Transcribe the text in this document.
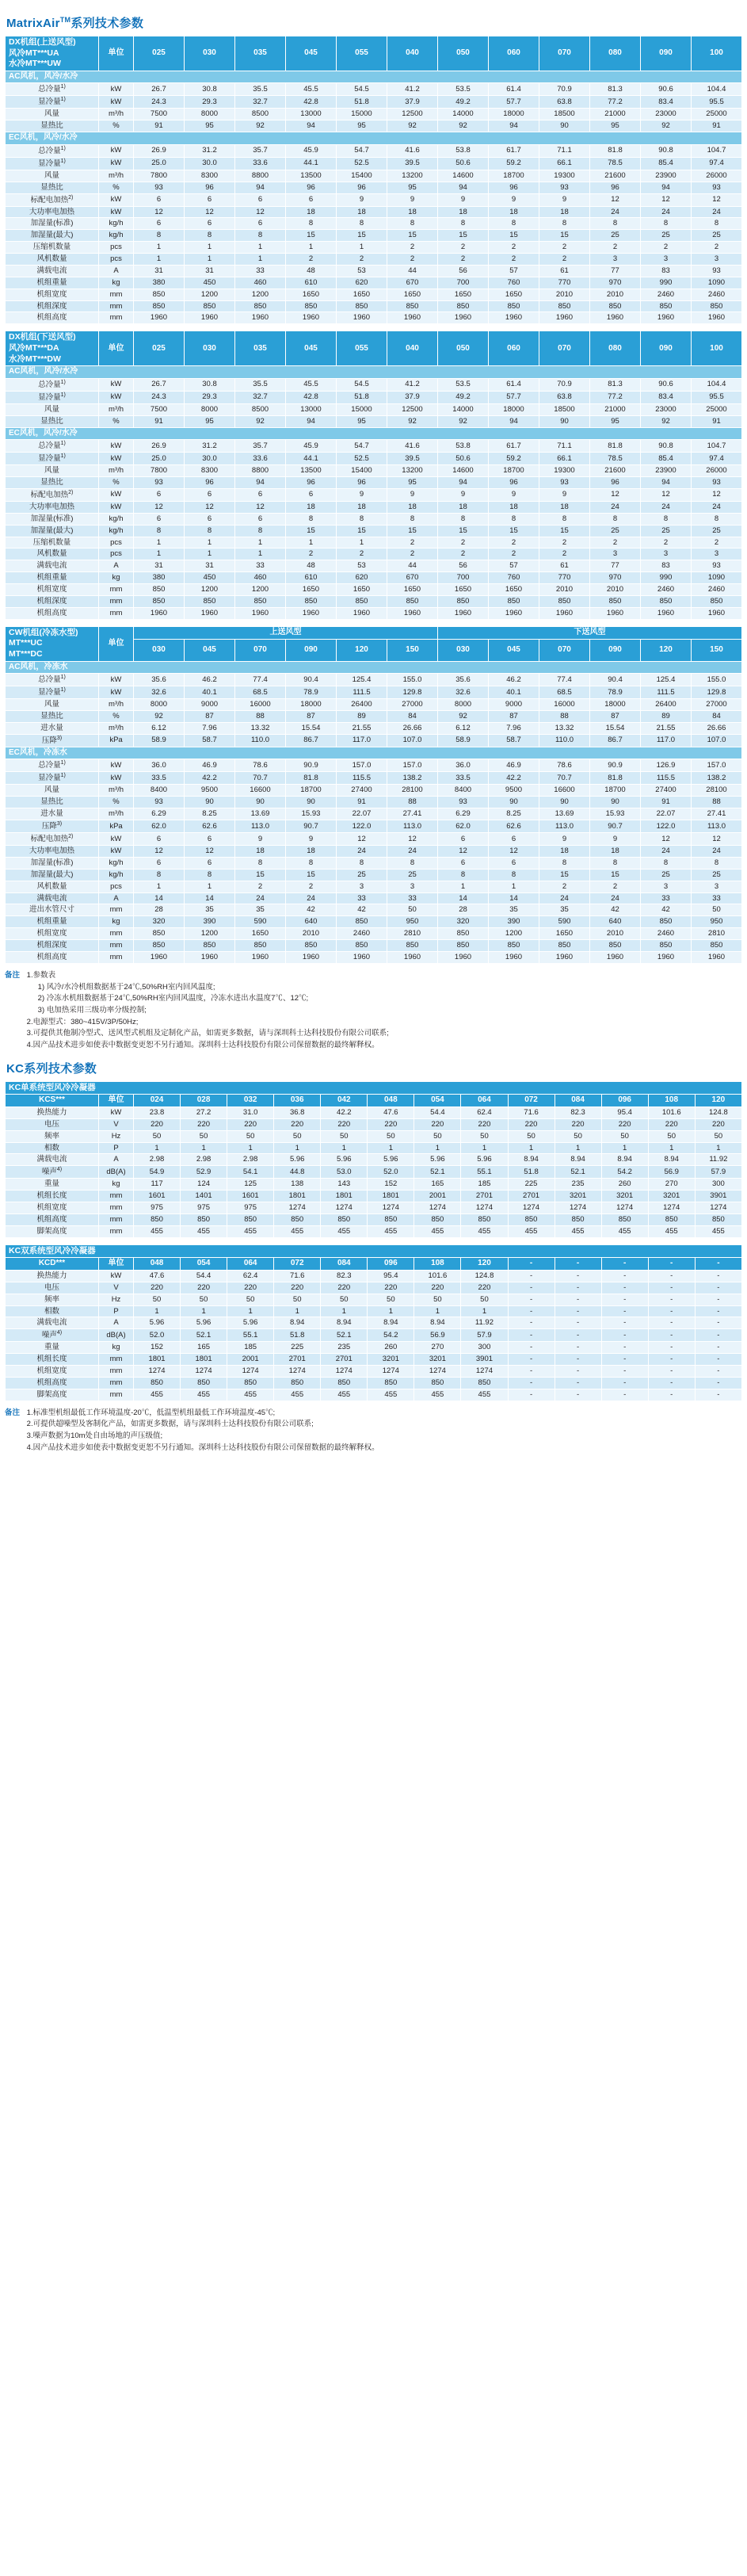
MatrixAir™系列技术参数
DX机组(上送风型)
风冷MT***UA
水冷MT***UW	单位	025	030	035	045	055	040	050	060	070	080	090	100
AC风机，风冷/水冷													
总冷量$^{1)}$	kW	26.7	30.8	35.5	45.5	54.5	41.2	53.5	61.4	70.9	81.3	90.6	104.4
显冷量$^{1)}$	kW	24.3	29.3	32.7	42.8	51.8	37.9	49.2	57.7	63.8	77.2	83.4	95.5
风量	m³/h	7500	8000	8500	13000	15000	12500	14000	18000	18500	21000	23000	25000
显热比	%	91	95	92	94	95	92	92	94	90	95	92	91
EC风机，风冷/水冷													
总冷量$^{1)}$	kW	26.9	31.2	35.7	45.9	54.7	41.6	53.8	61.7	71.1	81.8	90.8	104.7
显冷量$^{1)}$	kW	25.0	30.0	33.6	44.1	52.5	39.5	50.6	59.2	66.1	78.5	85.4	97.4
风量	m³/h	7800	8300	8800	13500	15400	13200	14600	18700	19300	21600	23900	26000
显热比	%	93	96	94	96	96	95	94	96	93	96	94	93
标配电加热$^{2)}$	kW	6	6	6	6	9	9	9	9	9	12	12	12
大功率电加热	kW	12	12	12	18	18	18	18	18	18	24	24	24
加湿量(标准)	kg/h	6	6	6	8	8	8	8	8	8	8	8	8
加湿量(最大)	kg/h	8	8	8	15	15	15	15	15	15	25	25	25
压缩机数量	pcs	1	1	1	1	1	2	2	2	2	2	2	2
风机数量	pcs	1	1	1	2	2	2	2	2	2	3	3	3
满载电流	A	31	31	33	48	53	44	56	57	61	77	83	93
机组重量	kg	380	450	460	610	620	670	700	760	770	970	990	1090
机组宽度	mm	850	1200	1200	1650	1650	1650	1650	1650	2010	2010	2460	2460
机组深度	mm	850	850	850	850	850	850	850	850	850	850	850	850
机组高度	mm	1960	1960	1960	1960	1960	1960	1960	1960	1960	1960	1960	1960
DX机组(下送风型)
风冷MT***DA
水冷MT***DW	单位	025	030	035	045	055	040	050	060	070	080	090	100
AC风机，风冷/水冷													
总冷量$^{1)}$	kW	26.7	30.8	35.5	45.5	54.5	41.2	53.5	61.4	70.9	81.3	90.6	104.4
显冷量$^{1)}$	kW	24.3	29.3	32.7	42.8	51.8	37.9	49.2	57.7	63.8	77.2	83.4	95.5
风量	m³/h	7500	8000	8500	13000	15000	12500	14000	18000	18500	21000	23000	25000
显热比	%	91	95	92	94	95	92	92	94	90	95	92	91
EC风机，风冷/水冷													
总冷量$^{1)}$	kW	26.9	31.2	35.7	45.9	54.7	41.6	53.8	61.7	71.1	81.8	90.8	104.7
显冷量$^{1)}$	kW	25.0	30.0	33.6	44.1	52.5	39.5	50.6	59.2	66.1	78.5	85.4	97.4
风量	m³/h	7800	8300	8800	13500	15400	13200	14600	18700	19300	21600	23900	26000
显热比	%	93	96	94	96	96	95	94	96	93	96	94	93
标配电加热$^{2)}$	kW	6	6	6	6	9	9	9	9	9	12	12	12
大功率电加热	kW	12	12	12	18	18	18	18	18	18	24	24	24
加湿量(标准)	kg/h	6	6	6	8	8	8	8	8	8	8	8	8
加湿量(最大)	kg/h	8	8	8	15	15	15	15	15	15	25	25	25
压缩机数量	pcs	1	1	1	1	1	2	2	2	2	2	2	2
风机数量	pcs	1	1	1	2	2	2	2	2	2	3	3	3
满载电流	A	31	31	33	48	53	44	56	57	61	77	83	93
机组重量	kg	380	450	460	610	620	670	700	760	770	970	990	1090
机组宽度	mm	850	1200	1200	1650	1650	1650	1650	1650	2010	2010	2460	2460
机组深度	mm	850	850	850	850	850	850	850	850	850	850	850	850
机组高度	mm	1960	1960	1960	1960	1960	1960	1960	1960	1960	1960	1960	1960
CW机组(冷冻水型)
MT***UC
MT***DC	单位	上送风型						下送风型					
		030	045	070	090	120	150	030	045	070	090	120	150
AC风机，冷冻水													
总冷量$^{1)}$	kW	35.6	46.2	77.4	90.4	125.4	155.0	35.6	46.2	77.4	90.4	125.4	155.0
显冷量$^{1)}$	kW	32.6	40.1	68.5	78.9	111.5	129.8	32.6	40.1	68.5	78.9	111.5	129.8
风量	m³/h	8000	9000	16000	18000	26400	27000	8000	9000	16000	18000	26400	27000
显热比	%	92	87	88	87	89	84	92	87	88	87	89	84
进水量	m³/h	6.12	7.96	13.32	15.54	21.55	26.66	6.12	7.96	13.32	15.54	21.55	26.66
压降$^{3)}$	kPa	58.9	58.7	110.0	86.7	117.0	107.0	58.9	58.7	110.0	86.7	117.0	107.0
EC风机，冷冻水													
总冷量$^{1)}$	kW	36.0	46.9	78.6	90.9	157.0	157.0	36.0	46.9	78.6	90.9	126.9	157.0
显冷量$^{1)}$	kW	33.5	42.2	70.7	81.8	115.5	138.2	33.5	42.2	70.7	81.8	115.5	138.2
风量	m³/h	8400	9500	16600	18700	27400	28100	8400	9500	16600	18700	27400	28100
显热比	%	93	90	90	90	91	88	93	90	90	90	91	88
进水量	m³/h	6.29	8.25	13.69	15.93	22.07	27.41	6.29	8.25	13.69	15.93	22.07	27.41
压降$^{3)}$	kPa	62.0	62.6	113.0	90.7	122.0	113.0	62.0	62.6	113.0	90.7	122.0	113.0
标配电加热$^{2)}$	kW	6	6	9	9	12	12	6	6	9	9	12	12
大功率电加热	kW	12	12	18	18	24	24	12	12	18	18	24	24
加湿量(标准)	kg/h	6	6	8	8	8	8	6	6	8	8	8	8
加湿量(最大)	kg/h	8	8	15	15	25	25	8	8	15	15	25	25
风机数量	pcs	1	1	2	2	3	3	1	1	2	2	3	3
满载电流	A	14	14	24	24	33	33	14	14	24	24	33	33
进出水管尺寸	mm	28	35	35	42	42	50	28	35	35	42	42	50
机组重量	kg	320	390	590	640	850	950	320	390	590	640	850	950
机组宽度	mm	850	1200	1650	2010	2460	2810	850	1200	1650	2010	2460	2810
机组深度	mm	850	850	850	850	850	850	850	850	850	850	850	850
机组高度	mm	1960	1960	1960	1960	1960	1960	1960	1960	1960	1960	1960	1960
备注 1.参数表
1) 风冷/水冷机组数据基于24℃,50%RH室内回风温度;
2) 冷冻水机组数据基于24℃,50%RH室内回风温度，冷冻水进出水温度7℃、12℃;
3) 电加热采用三级功率分级控制;
2.电源型式：380~415V/3P/50Hz;
3.可提供其他制冷型式、送风型式机组及定制化产品，如需更多数据，请与深圳科士达科技股份有限公司联系;
4.因产品技术进步如使表中数据变更恕不另行通知。深圳科士达科技股份有限公司保留数据的最终解释权。
KC系列技术参数
KC单系统型风冷冷凝器														
KCS***	单位	024	028	032	036	042	048	054	064	072	084	096	108	120
换热能力	kW	23.8	27.2	31.0	36.8	42.2	47.6	54.4	62.4	71.6	82.3	95.4	101.6	124.8
电压	V	220	220	220	220	220	220	220	220	220	220	220	220	220
频率	Hz	50	50	50	50	50	50	50	50	50	50	50	50	50
相数	P	1	1	1	1	1	1	1	1	1	1	1	1	1
满载电流	A	2.98	2.98	2.98	5.96	5.96	5.96	5.96	5.96	8.94	8.94	8.94	8.94	11.92
噪声$^{4)}$	dB(A)	54.9	52.9	54.1	44.8	53.0	52.0	52.1	55.1	51.8	52.1	54.2	56.9	57.9
重量	kg	117	124	125	138	143	152	165	185	225	235	260	270	300
机组长度	mm	1601	1401	1601	1801	1801	1801	2001	2701	2701	3201	3201	3201	3901
机组宽度	mm	975	975	975	1274	1274	1274	1274	1274	1274	1274	1274	1274	1274
机组高度	mm	850	850	850	850	850	850	850	850	850	850	850	850	850
脚架高度	mm	455	455	455	455	455	455	455	455	455	455	455	455	455
KC双系统型风冷冷凝器														
KCD***	单位	048	054	064	072	084	096	108	120	-	-	-	-	-
换热能力	kW	47.6	54.4	62.4	71.6	82.3	95.4	101.6	124.8	-	-	-	-	-
电压	V	220	220	220	220	220	220	220	220	-	-	-	-	-
频率	Hz	50	50	50	50	50	50	50	50	-	-	-	-	-
相数	P	1	1	1	1	1	1	1	1	-	-	-	-	-
满载电流	A	5.96	5.96	5.96	8.94	8.94	8.94	8.94	11.92	-	-	-	-	-
噪声$^{4)}$	dB(A)	52.0	52.1	55.1	51.8	52.1	54.2	56.9	57.9	-	-	-	-	-
重量	kg	152	165	185	225	235	260	270	300	-	-	-	-	-
机组长度	mm	1801	1801	2001	2701	2701	3201	3201	3901	-	-	-	-	-
机组宽度	mm	1274	1274	1274	1274	1274	1274	1274	1274	-	-	-	-	-
机组高度	mm	850	850	850	850	850	850	850	850	-	-	-	-	-
脚架高度	mm	455	455	455	455	455	455	455	455	-	-	-	-	-
备注 1.标准型机组最低工作环境温度-20℃，低温型机组最低工作环境温度-45℃;
2.可提供超噪型及客制化产品，如需更多数据，请与深圳科士达科技股份有限公司联系;
3.噪声数据为10m处自由场地的声压级值;
4.因产品技术进步如使表中数据变更恕不另行通知。深圳科士达科技股份有限公司保留数据的最终解释权。
